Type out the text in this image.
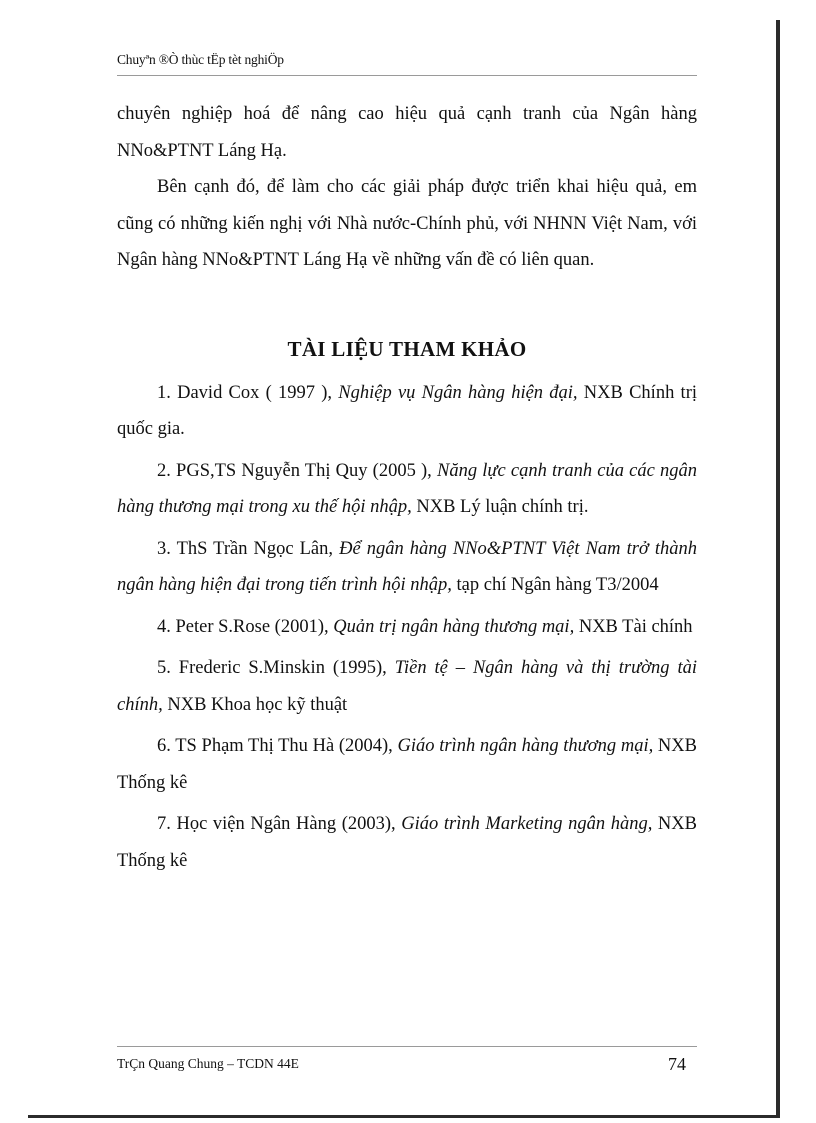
Chuyªn ®Ò thùc tËp tèt nghiÖp

chuyên nghiệp hoá để nâng cao hiệu quả cạnh tranh của Ngân hàng NNo&PTNT Láng Hạ.

Bên cạnh đó, để làm cho các giải pháp được triển khai hiệu quả, em cũng có những kiến nghị với Nhà nước-Chính phủ, với NHNN Việt Nam, với Ngân hàng NNo&PTNT Láng Hạ về những vấn đề có liên quan.

TÀI LIỆU THAM KHẢO

1. David Cox ( 1997 ), Nghiệp vụ Ngân hàng hiện đại, NXB Chính trị quốc gia.

2. PGS,TS Nguyễn Thị Quy (2005 ), Năng lực cạnh tranh của các ngân hàng thương mại trong xu thế hội nhập, NXB Lý luận chính trị.

3. ThS Trần Ngọc Lân, Để ngân hàng NNo&PTNT Việt Nam trở thành ngân hàng hiện đại trong tiến trình hội nhập, tạp chí Ngân hàng T3/2004

4. Peter S.Rose (2001), Quản trị ngân hàng thương mại, NXB Tài chính

5. Frederic S.Minskin (1995), Tiền tệ – Ngân hàng và thị trường tài chính, NXB Khoa học kỹ thuật

6. TS Phạm Thị Thu Hà (2004), Giáo trình ngân hàng thương mại, NXB Thống kê

7. Học viện Ngân Hàng (2003), Giáo trình Marketing ngân hàng, NXB Thống kê

TrÇn Quang Chung – TCDN 44E	74
